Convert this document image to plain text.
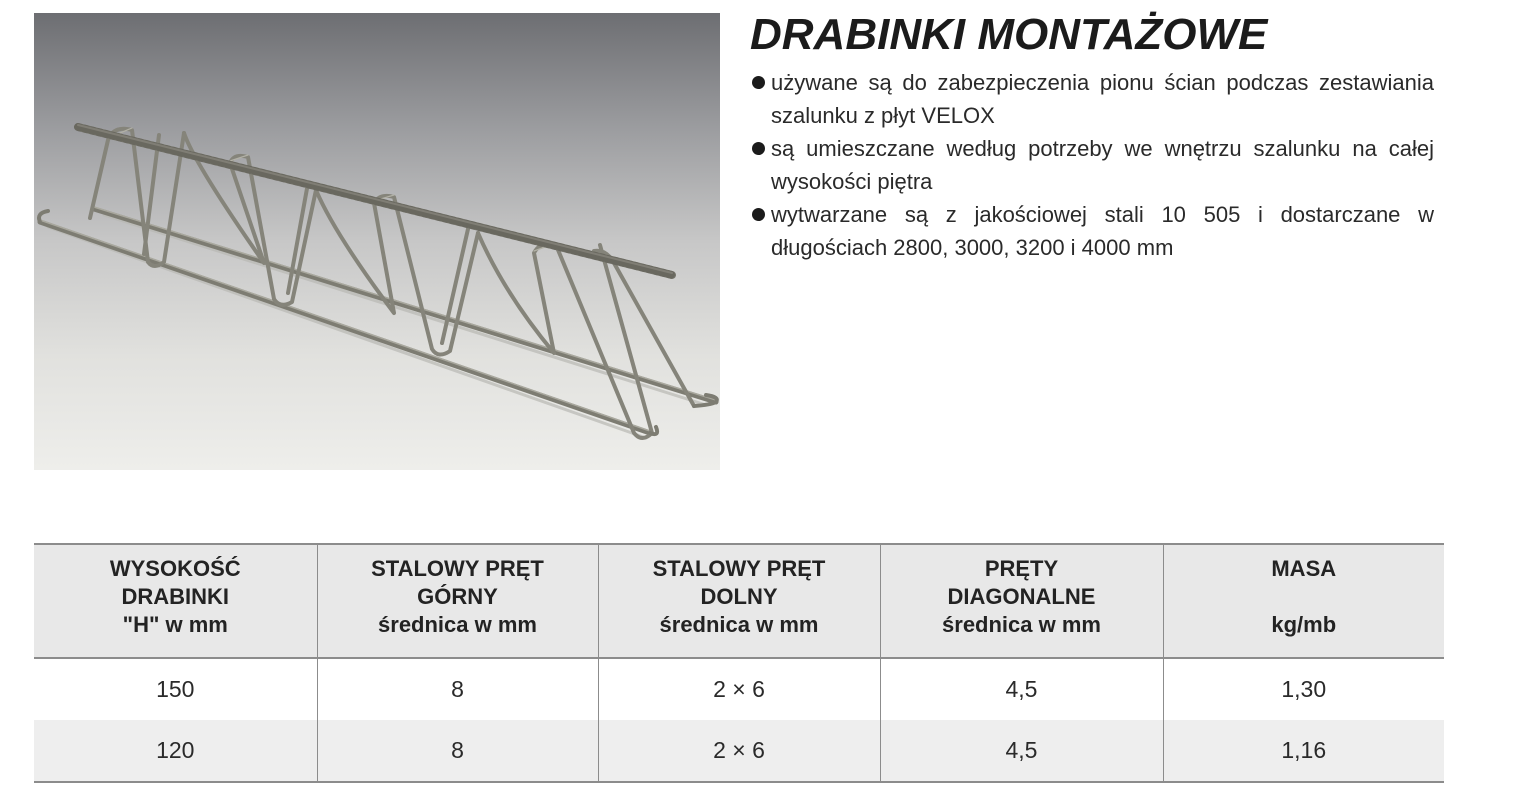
DRABINKI MONTAŻOWE
używane są do zabezpieczenia pionu ścian podczas zestawiania szalunku z płyt VELOX
są umieszczane według potrzeby we wnętrzu szalunku na całej wysokości piętra
wytwarzane są z jakościowej stali 10 505 i dostarczane w długościach 2800, 3000, 3200 i 4000 mm
WYSOKOŚĆ
DRABINKI
"H" w mm	STALOWY PRĘT
GÓRNY
średnica w mm	STALOWY PRĘT
DOLNY
średnica w mm	PRĘTY
DIAGONALNE
średnica w mm	MASA
kg/mb

150	8	2 × 6	4,5	1,30
120	8	2 × 6	4,5	1,16
